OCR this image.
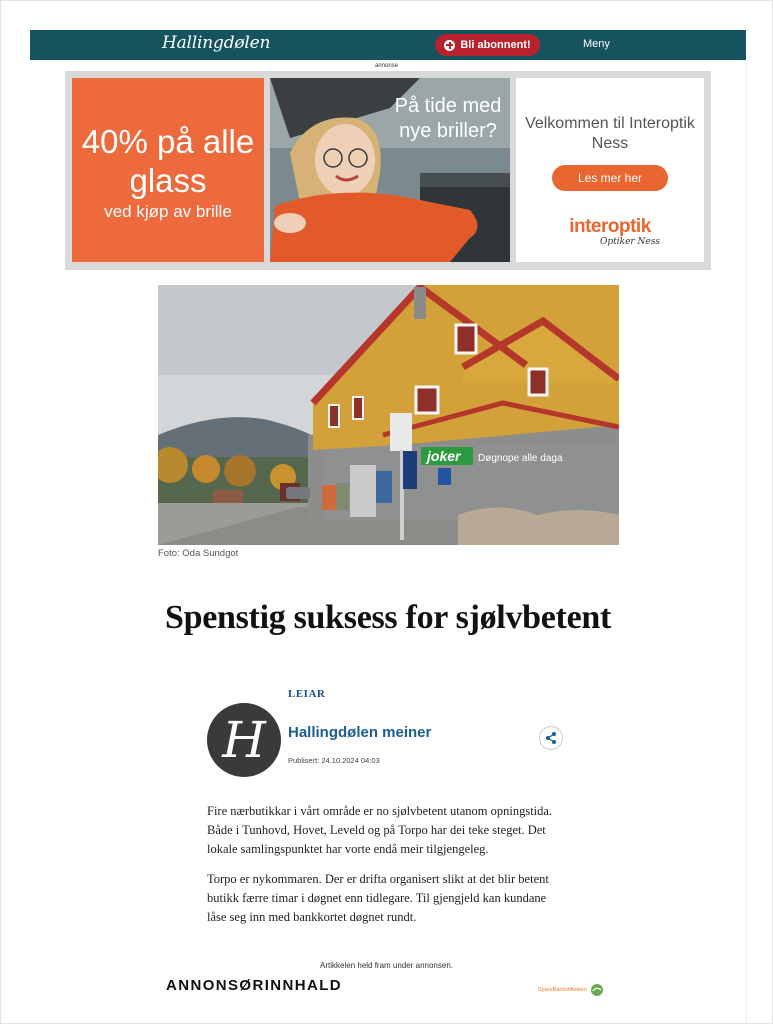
Hallingdølen	Bli abonnent!	Meny
annonse
40% på alle glass
ved kjøp av brille
På tide med nye briller?	Velkommen til Interoptik Ness
Les mer her
interoptik
Optiker Ness
joker Døgnope alle daga
Foto: Oda Sundgot
Spenstig suksess for sjølvbetent
LEIAR
H	Hallingdølen meiner
Publisert: 24.10.2024 04:03

Fire nærbutikkar i vårt område er no sjølvbetent utanom opningstida. Både i Tunhovd, Hovet, Leveld og på Torpo har dei teke steget. Det lokale samlingspunktet har vorte endå meir tilgjengeleg.

Torpo er nykommaren. Der er drifta organisert slikt at det blir betent butikk færre timar i døgnet enn tidlegare. Til gjengjeld kan kundane låse seg inn med bankkortet døgnet rundt.

Artikkelen held fram under annonsen.
ANNONSØRINNHALD	SpareBankstiftelsen
